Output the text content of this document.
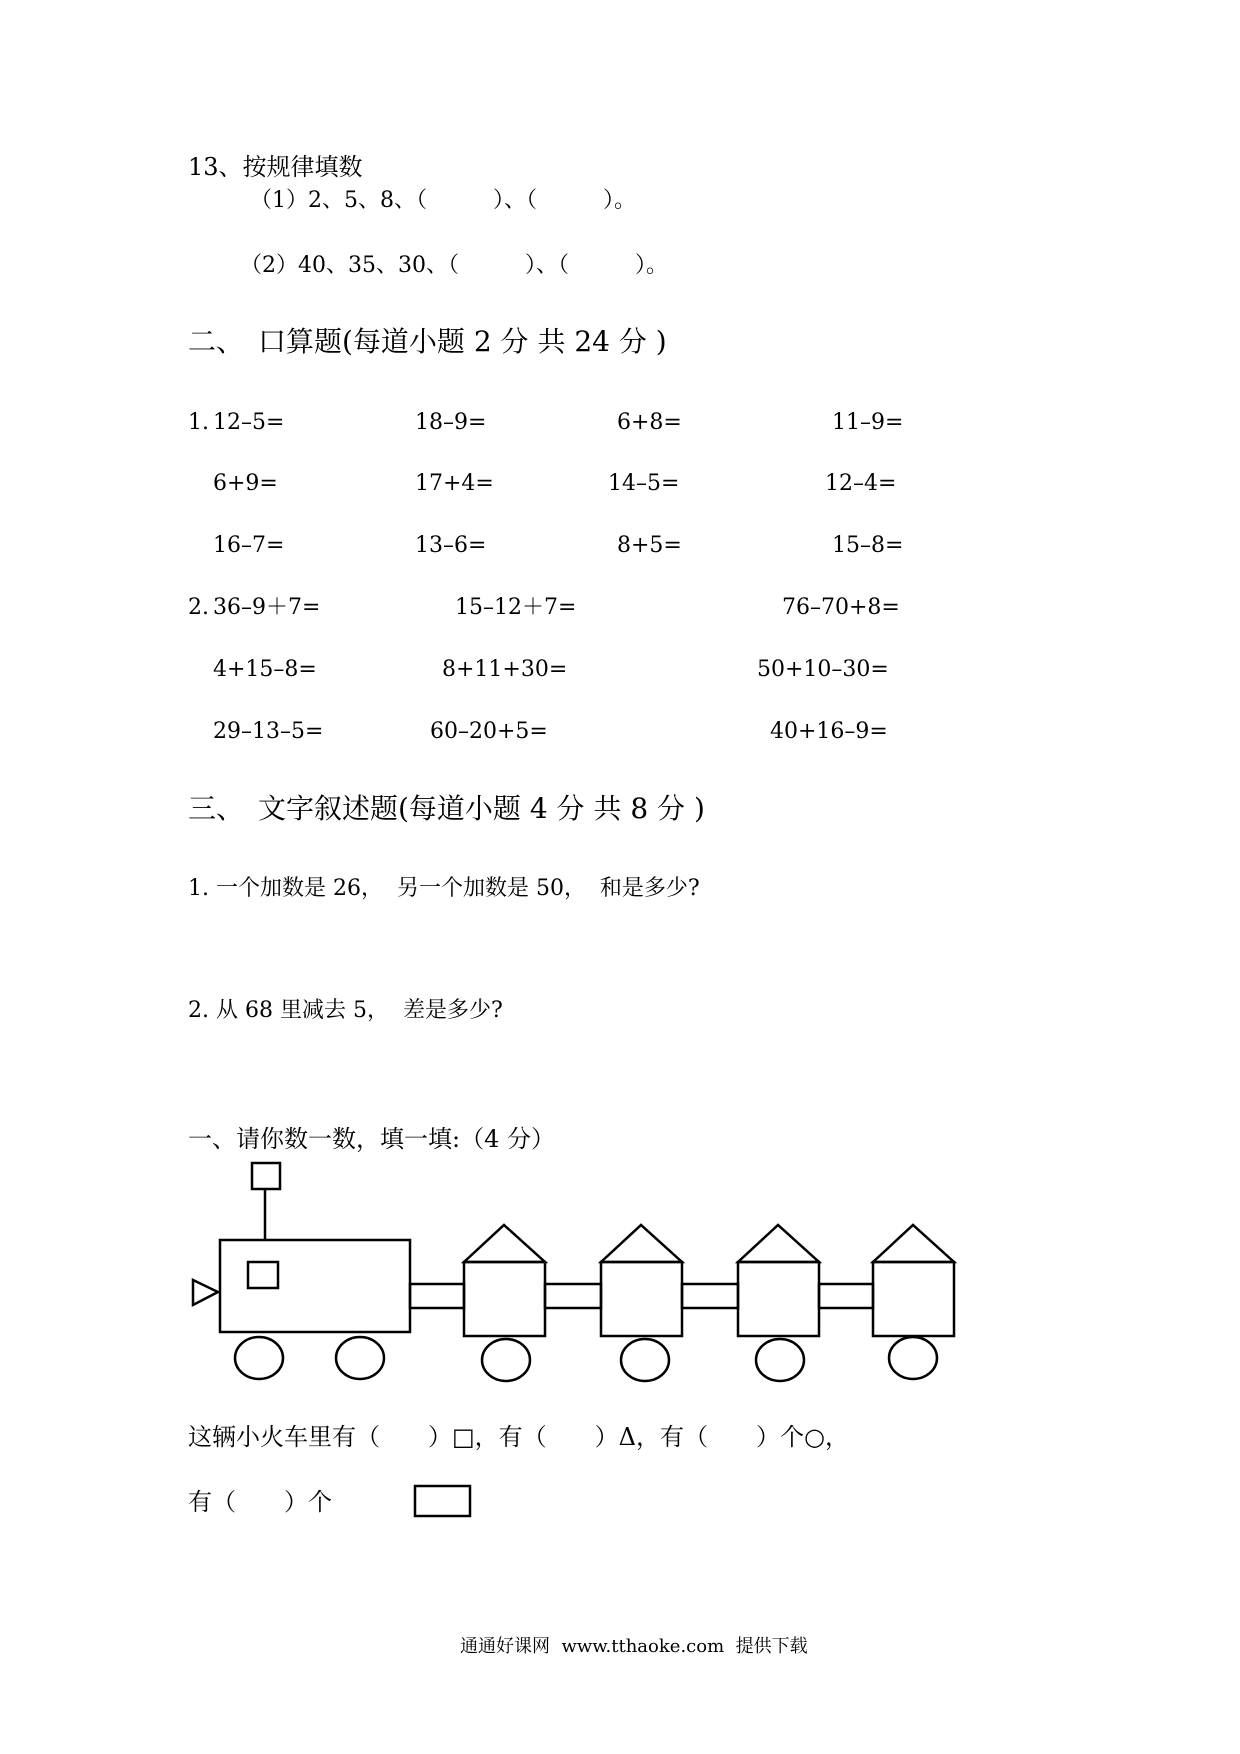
13、按规律填数
（1）2、5、8、（　　　）、（　　　）。
（2）40、35、30、（　　　）、（　　　）。
二、　口算题(每道小题 2 分 共 24 分 )
1. 12–5=	18–9=	6+8=	11–9=
6+9=	17+4=	14–5=	12–4=
16–7=	13–6=	8+5=	15–8=
2. 36–9＋7=	15–12＋7=	76–70+8=
4+15–8=	8+11+30=	50+10–30=
29–13–5=	60–20+5=	40+16–9=
三、　文字叙述题(每道小题 4 分 共 8 分 )
1. 一个加数是 26，  另一个加数是 50，  和是多少?
2. 从 68 里减去 5，  差是多少?
一、请你数一数，填一填:（4 分）
这辆小火车里有（　　）□，有（　　）Δ，有（　　）个○，
有（　　）个
通通好课网  www.tthaoke.com  提供下载
